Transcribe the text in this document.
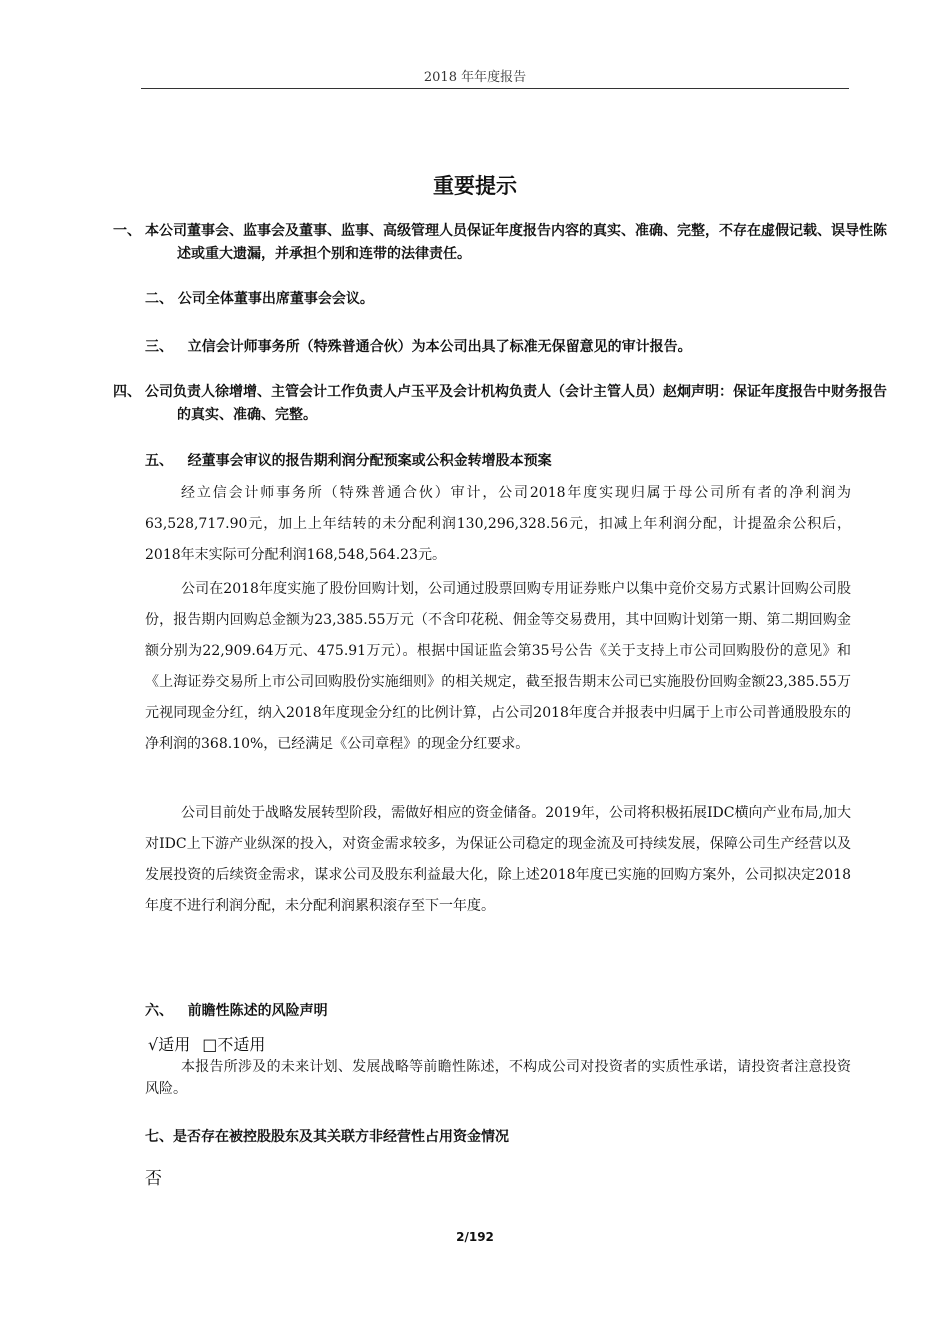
2018 年年度报告
重要提示
一、 本公司董事会、监事会及董事、监事、高级管理人员保证年度报告内容的真实、准确、完整，不存在虚假记载、误导性陈述或重大遗漏，并承担个别和连带的法律责任。
二、 公司全体董事出席董事会会议。
三、 立信会计师事务所（特殊普通合伙）为本公司出具了标准无保留意见的审计报告。
四、 公司负责人徐增增、主管会计工作负责人卢玉平及会计机构负责人（会计主管人员）赵炯声明：保证年度报告中财务报告的真实、准确、完整。
五、 经董事会审议的报告期利润分配预案或公积金转增股本预案
经立信会计师事务所（特殊普通合伙）审计，公司2018年度实现归属于母公司所有者的净利润为63,528,717.90元，加上上年结转的未分配利润130,296,328.56元，扣减上年利润分配，计提盈余公积后，2018年末实际可分配利润168,548,564.23元。
公司在2018年度实施了股份回购计划，公司通过股票回购专用证券账户以集中竞价交易方式累计回购公司股份，报告期内回购总金额为23,385.55万元（不含印花税、佣金等交易费用，其中回购计划第一期、第二期回购金额分别为22,909.64万元、475.91万元）。根据中国证监会第35号公告《关于支持上市公司回购股份的意见》和《上海证券交易所上市公司回购股份实施细则》的相关规定，截至报告期末公司已实施股份回购金额23,385.55万元视同现金分红，纳入2018年度现金分红的比例计算，占公司2018年度合并报表中归属于上市公司普通股股东的净利润的368.10%，已经满足《公司章程》的现金分红要求。
公司目前处于战略发展转型阶段，需做好相应的资金储备。2019年，公司将积极拓展IDC横向产业布局,加大对IDC上下游产业纵深的投入，对资金需求较多，为保证公司稳定的现金流及可持续发展，保障公司生产经营以及发展投资的后续资金需求，谋求公司及股东利益最大化，除上述2018年度已实施的回购方案外，公司拟决定2018年度不进行利润分配，未分配利润累积滚存至下一年度。
六、 前瞻性陈述的风险声明
√适用 □不适用
本报告所涉及的未来计划、发展战略等前瞻性陈述，不构成公司对投资者的实质性承诺，请投资者注意投资风险。
七、是否存在被控股股东及其关联方非经营性占用资金情况
否
2/192
